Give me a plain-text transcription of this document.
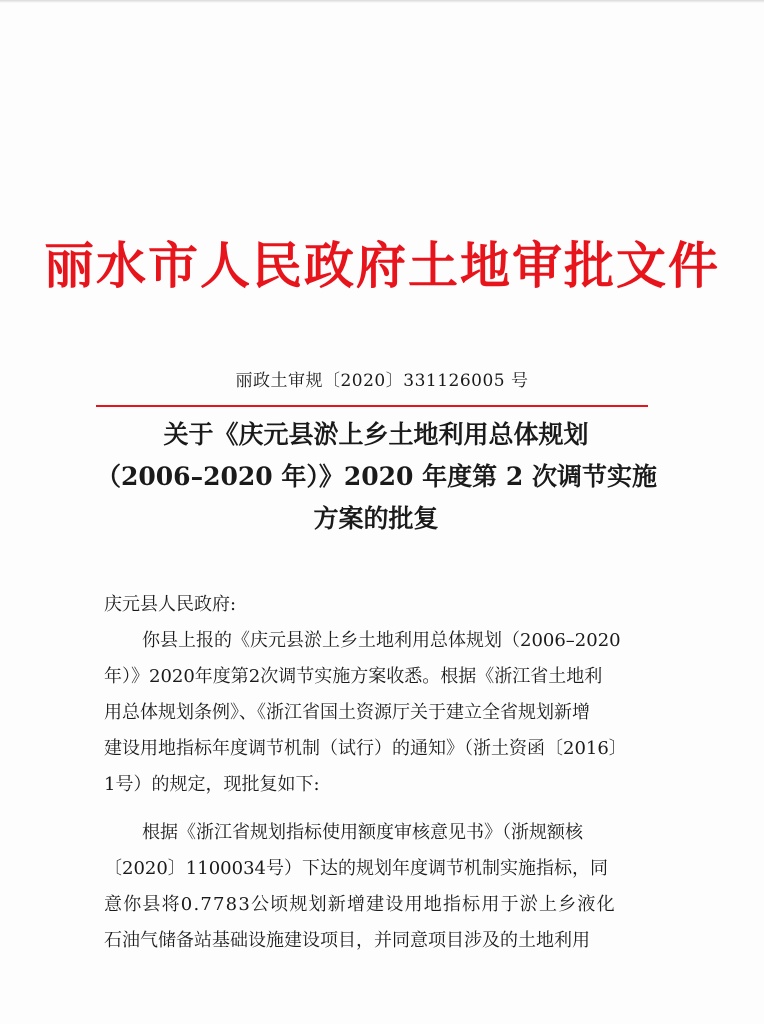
丽水市人民政府土地审批文件
丽政土审规〔2020〕331126005 号
关于《庆元县淤上乡土地利用总体规划
（2006–2020 年）》2020 年度第 2 次调节实施
方案的批复
庆元县人民政府:
你县上报的《庆元县淤上乡土地利用总体规划（2006–2020
年）》2020年度第2次调节实施方案收悉。根据《浙江省土地利
用总体规划条例》、《浙江省国土资源厅关于建立全省规划新增
建设用地指标年度调节机制（试行）的通知》（浙土资函〔2016〕
1号）的规定，现批复如下:
根据《浙江省规划指标使用额度审核意见书》（浙规额核
〔2020〕1100034号）下达的规划年度调节机制实施指标，同
意你县将0.7783公顷规划新增建设用地指标用于淤上乡液化
石油气储备站基础设施建设项目，并同意项目涉及的土地利用
